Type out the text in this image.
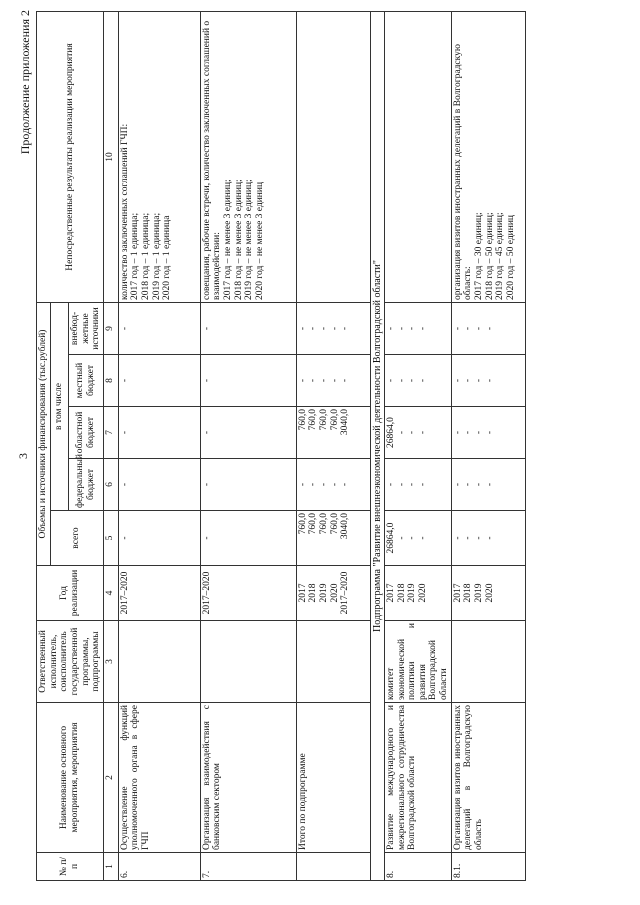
3
Продолжение приложения 2
№ п/п	Наименование основного мероприятия, мероприятия	Ответственный исполнитель, соисполнитель государственной программы, подпрограммы	Год реализации	Объемы и источники финансирования (тыс.рублей)					Непосредственные результаты реализации мероприятия
				всего	в том числе				
					федеральный бюджет	областной бюджет	местный бюджет	внебюд-жетные источники	
1	2	3	4	5	6	7	8	9	10
6.	Осуществление функций уполномоченного органа в сфере ГЧП		2017–2020	-	-	-	-	-	количество заключенных соглашений ГЧП:
2017 год – 1 единица;
2018 год – 1 единица;
2019 год – 1 единица;
2020 год – 1 единица
7.	Организация взаимодействия с банковским сектором		2017–2020	-	-	-	-	-	совещания, рабочие встречи, количество заключенных соглашений о взаимодействии:
2017 год – не менее 3 единиц;
2018 год – не менее 3 единиц;
2019 год – не менее 3 единиц;
2020 год – не менее 3 единиц
	Итого по подпрограмме		2017
2018
2019
2020
2017–2020	760,0
760,0
760,0
760,0
3040,0	-
-
-
-
-	760,0
760,0
760,0
760,0
3040,0	-
-
-
-
-	-
-
-
-
-	
Подпрограмма "Развитие внешнеэкономической деятельности Волгоградской области"									
8.	Развитие международного и межрегионального сотрудничества Волгоградской области	комитет экономической политики и развития Волгоградской области	2017
2018
2019
2020	26864,0
-
-
-	-
-
-
-	26864,0
-
-
-	-
-
-
-	-
-
-
-	
8.1.	Организация визитов иностранных делегаций в Волгоградскую область		2017
2018
2019
2020	-
-
-
-	-
-
-
-	-
-
-
-	-
-
-
-	-
-
-
-	организация визитов иностранных делегаций в Волгоградскую область:
2017 год – 30 единиц;
2018 год – 50 единиц;
2019 год – 45 единиц;
2020 год – 50 единиц
